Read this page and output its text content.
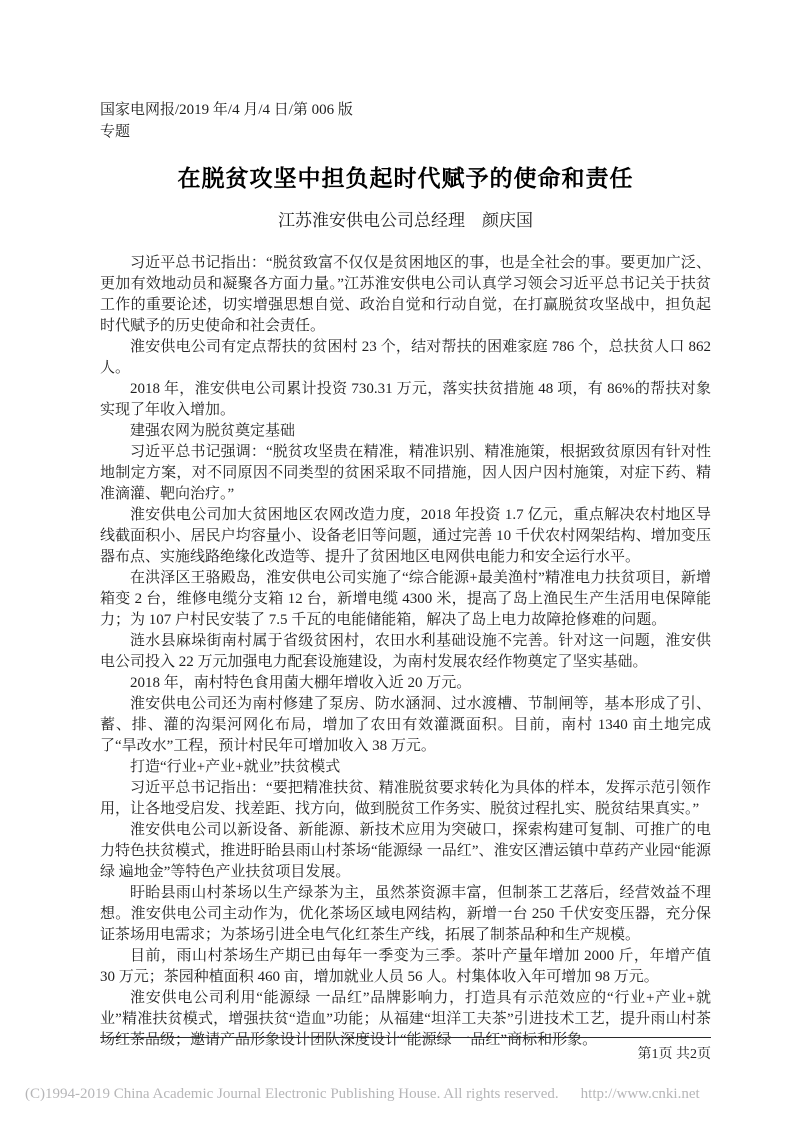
国家电网报/2019 年/4 月/4 日/第 006 版
专题
在脱贫攻坚中担负起时代赋予的使命和责任
江苏淮安供电公司总经理　颜庆国

习近平总书记指出：“脱贫致富不仅仅是贫困地区的事，也是全社会的事。要更加广泛、更加有效地动员和凝聚各方面力量。”江苏淮安供电公司认真学习领会习近平总书记关于扶贫工作的重要论述，切实增强思想自觉、政治自觉和行动自觉，在打赢脱贫攻坚战中，担负起时代赋予的历史使命和社会责任。

淮安供电公司有定点帮扶的贫困村 23 个，结对帮扶的困难家庭 786 个，总扶贫人口 862 人。

2018 年，淮安供电公司累计投资 730.31 万元，落实扶贫措施 48 项，有 86%的帮扶对象实现了年收入增加。

建强农网为脱贫奠定基础

习近平总书记强调：“脱贫攻坚贵在精准，精准识别、精准施策，根据致贫原因有针对性地制定方案，对不同原因不同类型的贫困采取不同措施，因人因户因村施策，对症下药、精准滴灌、靶向治疗。”

淮安供电公司加大贫困地区农网改造力度，2018 年投资 1.7 亿元，重点解决农村地区导线截面积小、居民户均容量小、设备老旧等问题，通过完善 10 千伏农村网架结构、增加变压器布点、实施线路绝缘化改造等、提升了贫困地区电网供电能力和安全运行水平。

在洪泽区王骆殿岛，淮安供电公司实施了“综合能源+最美渔村”精准电力扶贫项目，新增箱变 2 台，维修电缆分支箱 12 台，新增电缆 4300 米，提高了岛上渔民生产生活用电保障能力；为 107 户村民安装了 7.5 千瓦的电能储能箱，解决了岛上电力故障抢修难的问题。

涟水县麻垛街南村属于省级贫困村，农田水利基础设施不完善。针对这一问题，淮安供电公司投入 22 万元加强电力配套设施建设，为南村发展农经作物奠定了坚实基础。

2018 年，南村特色食用菌大棚年增收入近 20 万元。

淮安供电公司还为南村修建了泵房、防水涵洞、过水渡槽、节制闸等，基本形成了引、蓄、排、灌的沟渠河网化布局，增加了农田有效灌溉面积。目前，南村 1340 亩土地完成了“旱改水”工程，预计村民年可增加收入 38 万元。

打造“行业+产业+就业”扶贫模式

习近平总书记指出：“要把精准扶贫、精准脱贫要求转化为具体的样本，发挥示范引领作用，让各地受启发、找差距、找方向，做到脱贫工作务实、脱贫过程扎实、脱贫结果真实。”

淮安供电公司以新设备、新能源、新技术应用为突破口，探索构建可复制、可推广的电力特色扶贫模式，推进盱眙县雨山村茶场“能源绿 一品红”、淮安区漕运镇中草药产业园“能源绿 遍地金”等特色产业扶贫项目发展。

盱眙县雨山村茶场以生产绿茶为主，虽然茶资源丰富，但制茶工艺落后，经营效益不理想。淮安供电公司主动作为，优化茶场区域电网结构，新增一台 250 千伏安变压器，充分保证茶场用电需求；为茶场引进全电气化红茶生产线，拓展了制茶品种和生产规模。

目前，雨山村茶场生产期已由每年一季变为三季。茶叶产量年增加 2000 斤，年增产值 30 万元；茶园种植面积 460 亩，增加就业人员 56 人。村集体收入年可增加 98 万元。

淮安供电公司利用“能源绿 一品红”品牌影响力，打造具有示范效应的“行业+产业+就业”精准扶贫模式，增强扶贫“造血”功能；从福建“坦洋工夫茶”引进技术工艺，提升雨山村茶场红茶品级；邀请产品形象设计团队深度设计“能源绿 一品红”商标和形象。

第1页 共2页
(C)1994-2019 China Academic Journal Electronic Publishing House. All rights reserved. http://www.cnki.net
